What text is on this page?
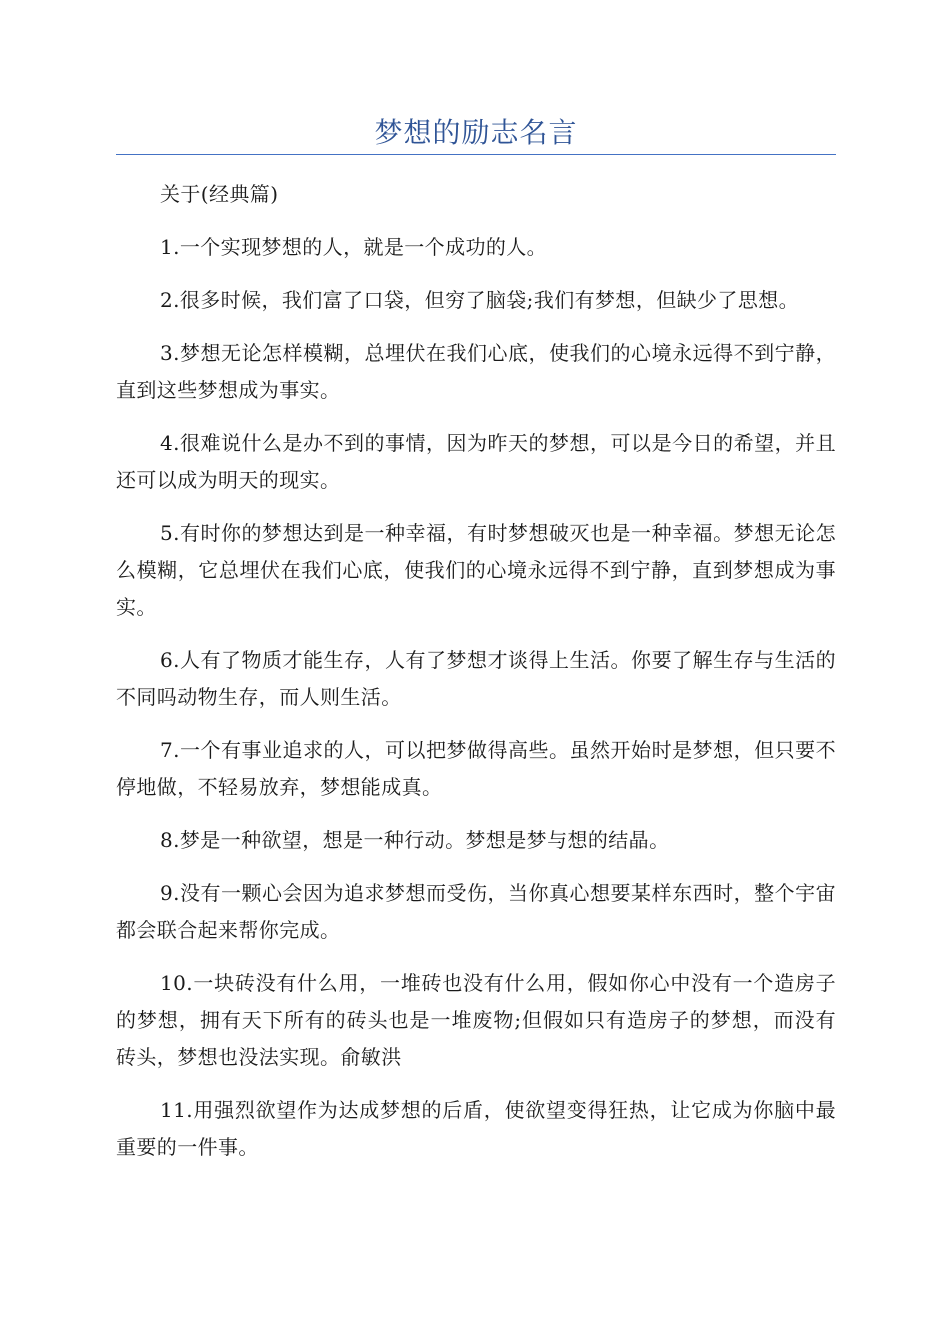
梦想的励志名言

关于(经典篇)

1.一个实现梦想的人，就是一个成功的人。

2.很多时候，我们富了口袋，但穷了脑袋;我们有梦想，但缺少了思想。

3.梦想无论怎样模糊，总埋伏在我们心底，使我们的心境永远得不到宁静，直到这些梦想成为事实。

4.很难说什么是办不到的事情，因为昨天的梦想，可以是今日的希望，并且还可以成为明天的现实。

5.有时你的梦想达到是一种幸福，有时梦想破灭也是一种幸福。梦想无论怎么模糊，它总埋伏在我们心底，使我们的心境永远得不到宁静，直到梦想成为事实。

6.人有了物质才能生存，人有了梦想才谈得上生活。你要了解生存与生活的不同吗动物生存，而人则生活。

7.一个有事业追求的人，可以把梦做得高些。虽然开始时是梦想，但只要不停地做，不轻易放弃，梦想能成真。

8.梦是一种欲望，想是一种行动。梦想是梦与想的结晶。

9.没有一颗心会因为追求梦想而受伤，当你真心想要某样东西时，整个宇宙都会联合起来帮你完成。

10.一块砖没有什么用，一堆砖也没有什么用，假如你心中没有一个造房子的梦想，拥有天下所有的砖头也是一堆废物;但假如只有造房子的梦想，而没有砖头，梦想也没法实现。俞敏洪

11.用强烈欲望作为达成梦想的后盾，使欲望变得狂热，让它成为你脑中最重要的一件事。
